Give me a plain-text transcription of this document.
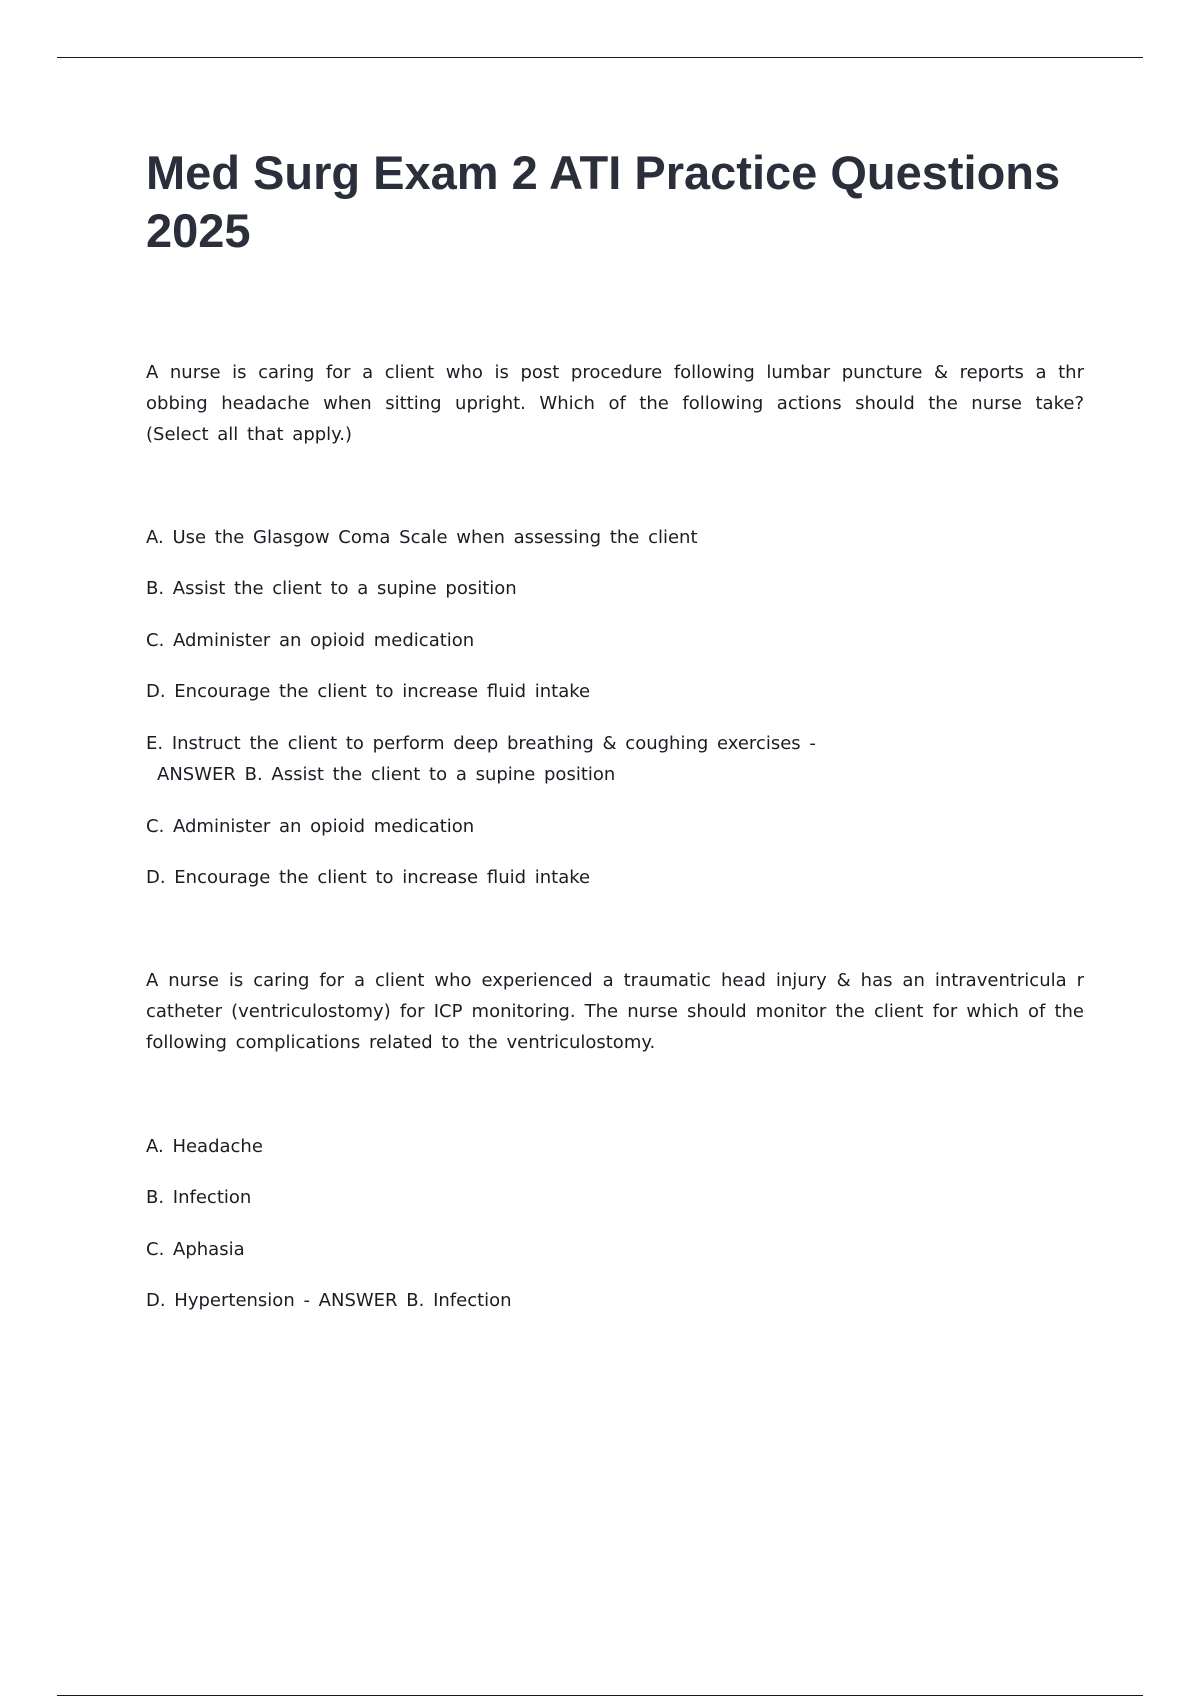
Med Surg Exam 2 ATI Practice Questions 2025

A nurse is caring for a client who is post procedure following lumbar puncture & reports a thr obbing headache when sitting upright. Which of the following actions should the nurse take? (Select all that apply.)

A. Use the Glasgow Coma Scale when assessing the client

B. Assist the client to a supine position

C. Administer an opioid medication

D. Encourage the client to increase fluid intake

E. Instruct the client to perform deep breathing & coughing exercises -
ANSWER B. Assist the client to a supine position

C. Administer an opioid medication

D. Encourage the client to increase fluid intake

A nurse is caring for a client who experienced a traumatic head injury & has an intraventricula r catheter (ventriculostomy) for ICP monitoring. The nurse should monitor the client for which of the following complications related to the ventriculostomy.

A. Headache

B. Infection

C. Aphasia

D. Hypertension - ANSWER B. Infection
